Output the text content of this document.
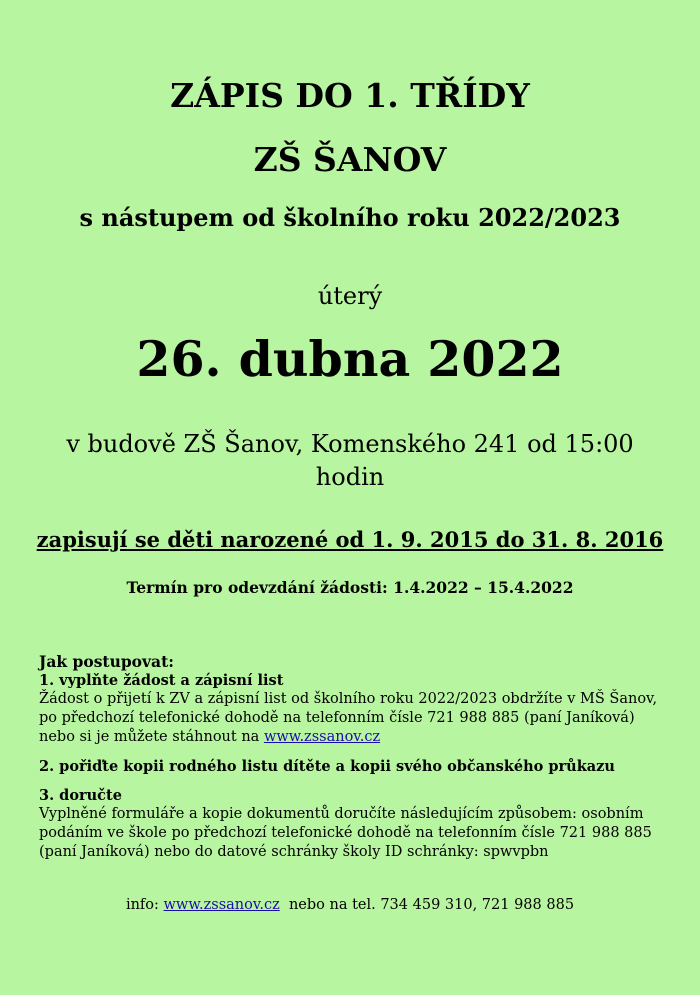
ZÁPIS DO 1. TŘÍDY
ZŠ ŠANOV
s nástupem od školního roku 2022/2023
úterý
26. dubna 2022
v budově ZŠ Šanov, Komenského 241 od 15:00 hodin
zapisují se děti narozené od 1. 9. 2015 do 31. 8. 2016
Termín pro odevzdání žádosti: 1.4.2022 – 15.4.2022
Jak postupovat:
1. vyplňte žádost a zápisní list
Žádost o přijetí k ZV a zápisní list od školního roku 2022/2023 obdržíte v MŠ Šanov, po předchozí telefonické dohodě na telefonním čísle 721 988 885 (paní Janíková) nebo si je můžete stáhnout na www.zssanov.cz
2. pořiďte kopii rodného listu dítěte a kopii svého občanského průkazu
3. doručte
Vyplněné formuláře a kopie dokumentů doručíte následujícím způsobem: osobním podáním ve škole po předchozí telefonické dohodě na telefonním čísle 721 988 885 (paní Janíková) nebo do datové schránky školy ID schránky: spwvpbn
info: www.zssanov.cz nebo na tel. 734 459 310, 721 988 885
